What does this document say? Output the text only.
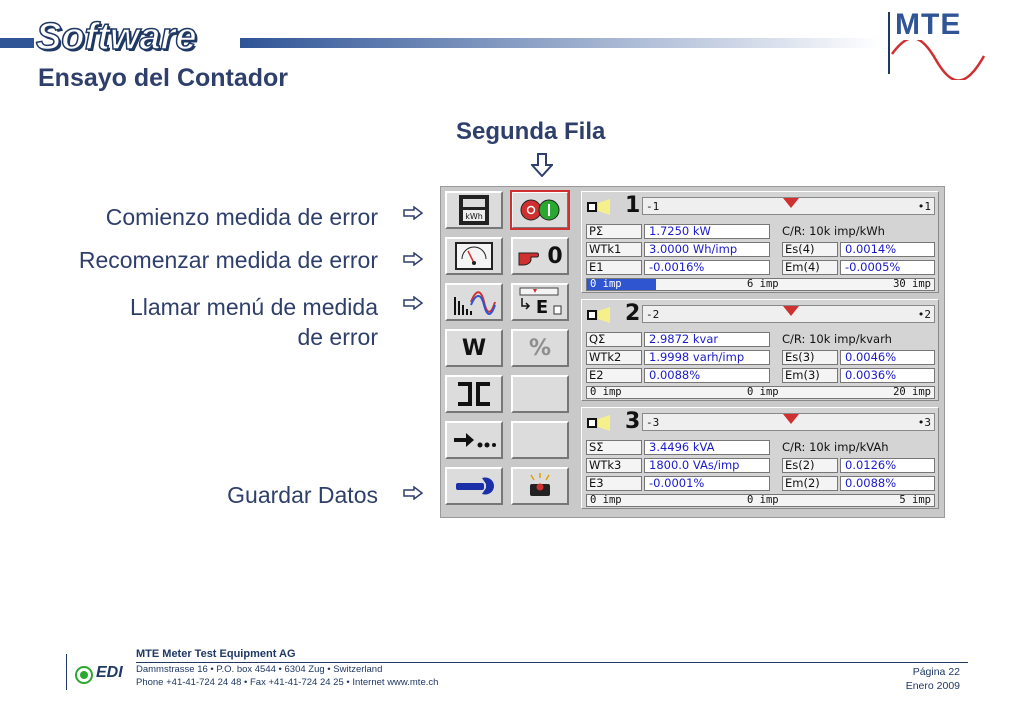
Software
Ensayo del Contador
MTE
Segunda Fila
Comienzo medida de error
Recomenzar medida de error
Llamar menú de medida
de error
Guardar Datos
kWh
W
0
E
%
1 -1	•1
PΣ	1.7250 kW	C/R: 10k imp/kWh
WTk1	3.0000 Wh/imp	Es(4)	0.0014%
E1	-0.0016%	Em(4)	-0.0005%
0 imp	6 imp	30 imp
2 -2	•2
QΣ	2.9872 kvar	C/R: 10k imp/kvarh
WTk2	1.9998 varh/imp	Es(3)	0.0046%
E2	0.0088%	Em(3)	0.0036%
0 imp	0 imp	20 imp
3 -3	•3
SΣ	3.4496 kVA	C/R: 10k imp/kVAh
WTk3	1800.0 VAs/imp	Es(2)	0.0126%
E3	-0.0001%	Em(2)	0.0088%
0 imp	0 imp	5 imp
EDI
MTE Meter Test Equipment AG
Dammstrasse 16 • P.O. box 4544 • 6304 Zug • Switzerland
Phone +41-41-724 24 48 • Fax +41-41-724 24 25 • Internet www.mte.ch
Página 22
Enero 2009
